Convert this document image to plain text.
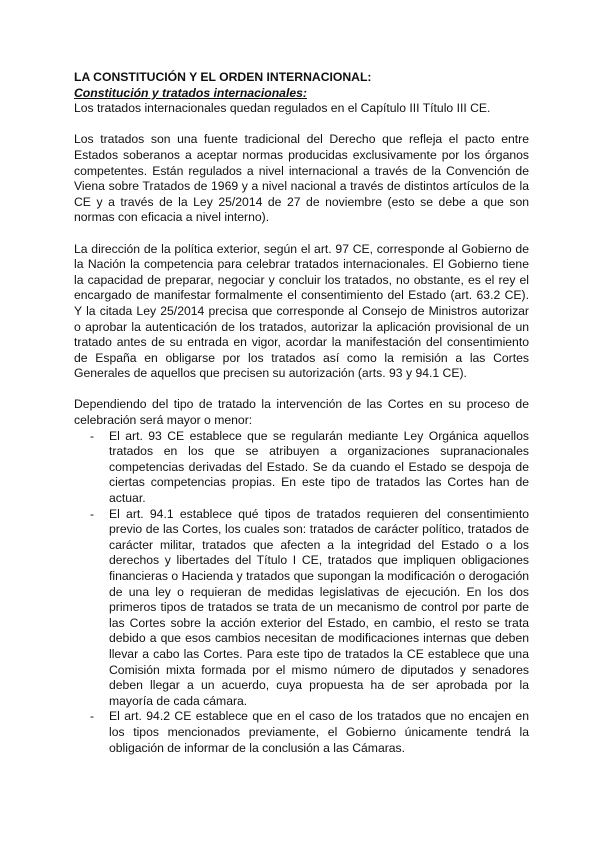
LA CONSTITUCIÓN Y EL ORDEN INTERNACIONAL:
Constitución y tratados internacionales:

Los tratados internacionales quedan regulados en el Capítulo III Título III CE.

Los tratados son una fuente tradicional del Derecho que refleja el pacto entre Estados soberanos a aceptar normas producidas exclusivamente por los órganos competentes. Están regulados a nivel internacional a través de la Convención de Viena sobre Tratados de 1969 y a nivel nacional a través de distintos artículos de la CE y a través de la Ley 25/2014 de 27 de noviembre (esto se debe a que son normas con eficacia a nivel interno).

La dirección de la política exterior, según el art. 97 CE, corresponde al Gobierno de la Nación la competencia para celebrar tratados internacionales. El Gobierno tiene la capacidad de preparar, negociar y concluir los tratados, no obstante, es el rey el encargado de manifestar formalmente el consentimiento del Estado (art. 63.2 CE). Y la citada Ley 25/2014 precisa que corresponde al Consejo de Ministros autorizar o aprobar la autenticación de los tratados, autorizar la aplicación provisional de un tratado antes de su entrada en vigor, acordar la manifestación del consentimiento de España en obligarse por los tratados así como la remisión a las Cortes Generales de aquellos que precisen su autorización (arts. 93 y 94.1 CE).

Dependiendo del tipo de tratado la intervención de las Cortes en su proceso de celebración será mayor o menor:

- El art. 93 CE establece que se regularán mediante Ley Orgánica aquellos tratados en los que se atribuyen a organizaciones supranacionales competencias derivadas del Estado. Se da cuando el Estado se despoja de ciertas competencias propias. En este tipo de tratados las Cortes han de actuar.
- El art. 94.1 establece qué tipos de tratados requieren del consentimiento previo de las Cortes, los cuales son: tratados de carácter político, tratados de carácter militar, tratados que afecten a la integridad del Estado o a los derechos y libertades del Título I CE, tratados que impliquen obligaciones financieras o Hacienda y tratados que supongan la modificación o derogación de una ley o requieran de medidas legislativas de ejecución. En los dos primeros tipos de tratados se trata de un mecanismo de control por parte de las Cortes sobre la acción exterior del Estado, en cambio, el resto se trata debido a que esos cambios necesitan de modificaciones internas que deben llevar a cabo las Cortes. Para este tipo de tratados la CE establece que una Comisión mixta formada por el mismo número de diputados y senadores deben llegar a un acuerdo, cuya propuesta ha de ser aprobada por la mayoría de cada cámara.
- El art. 94.2 CE establece que en el caso de los tratados que no encajen en los tipos mencionados previamente, el Gobierno únicamente tendrá la obligación de informar de la conclusión a las Cámaras.
